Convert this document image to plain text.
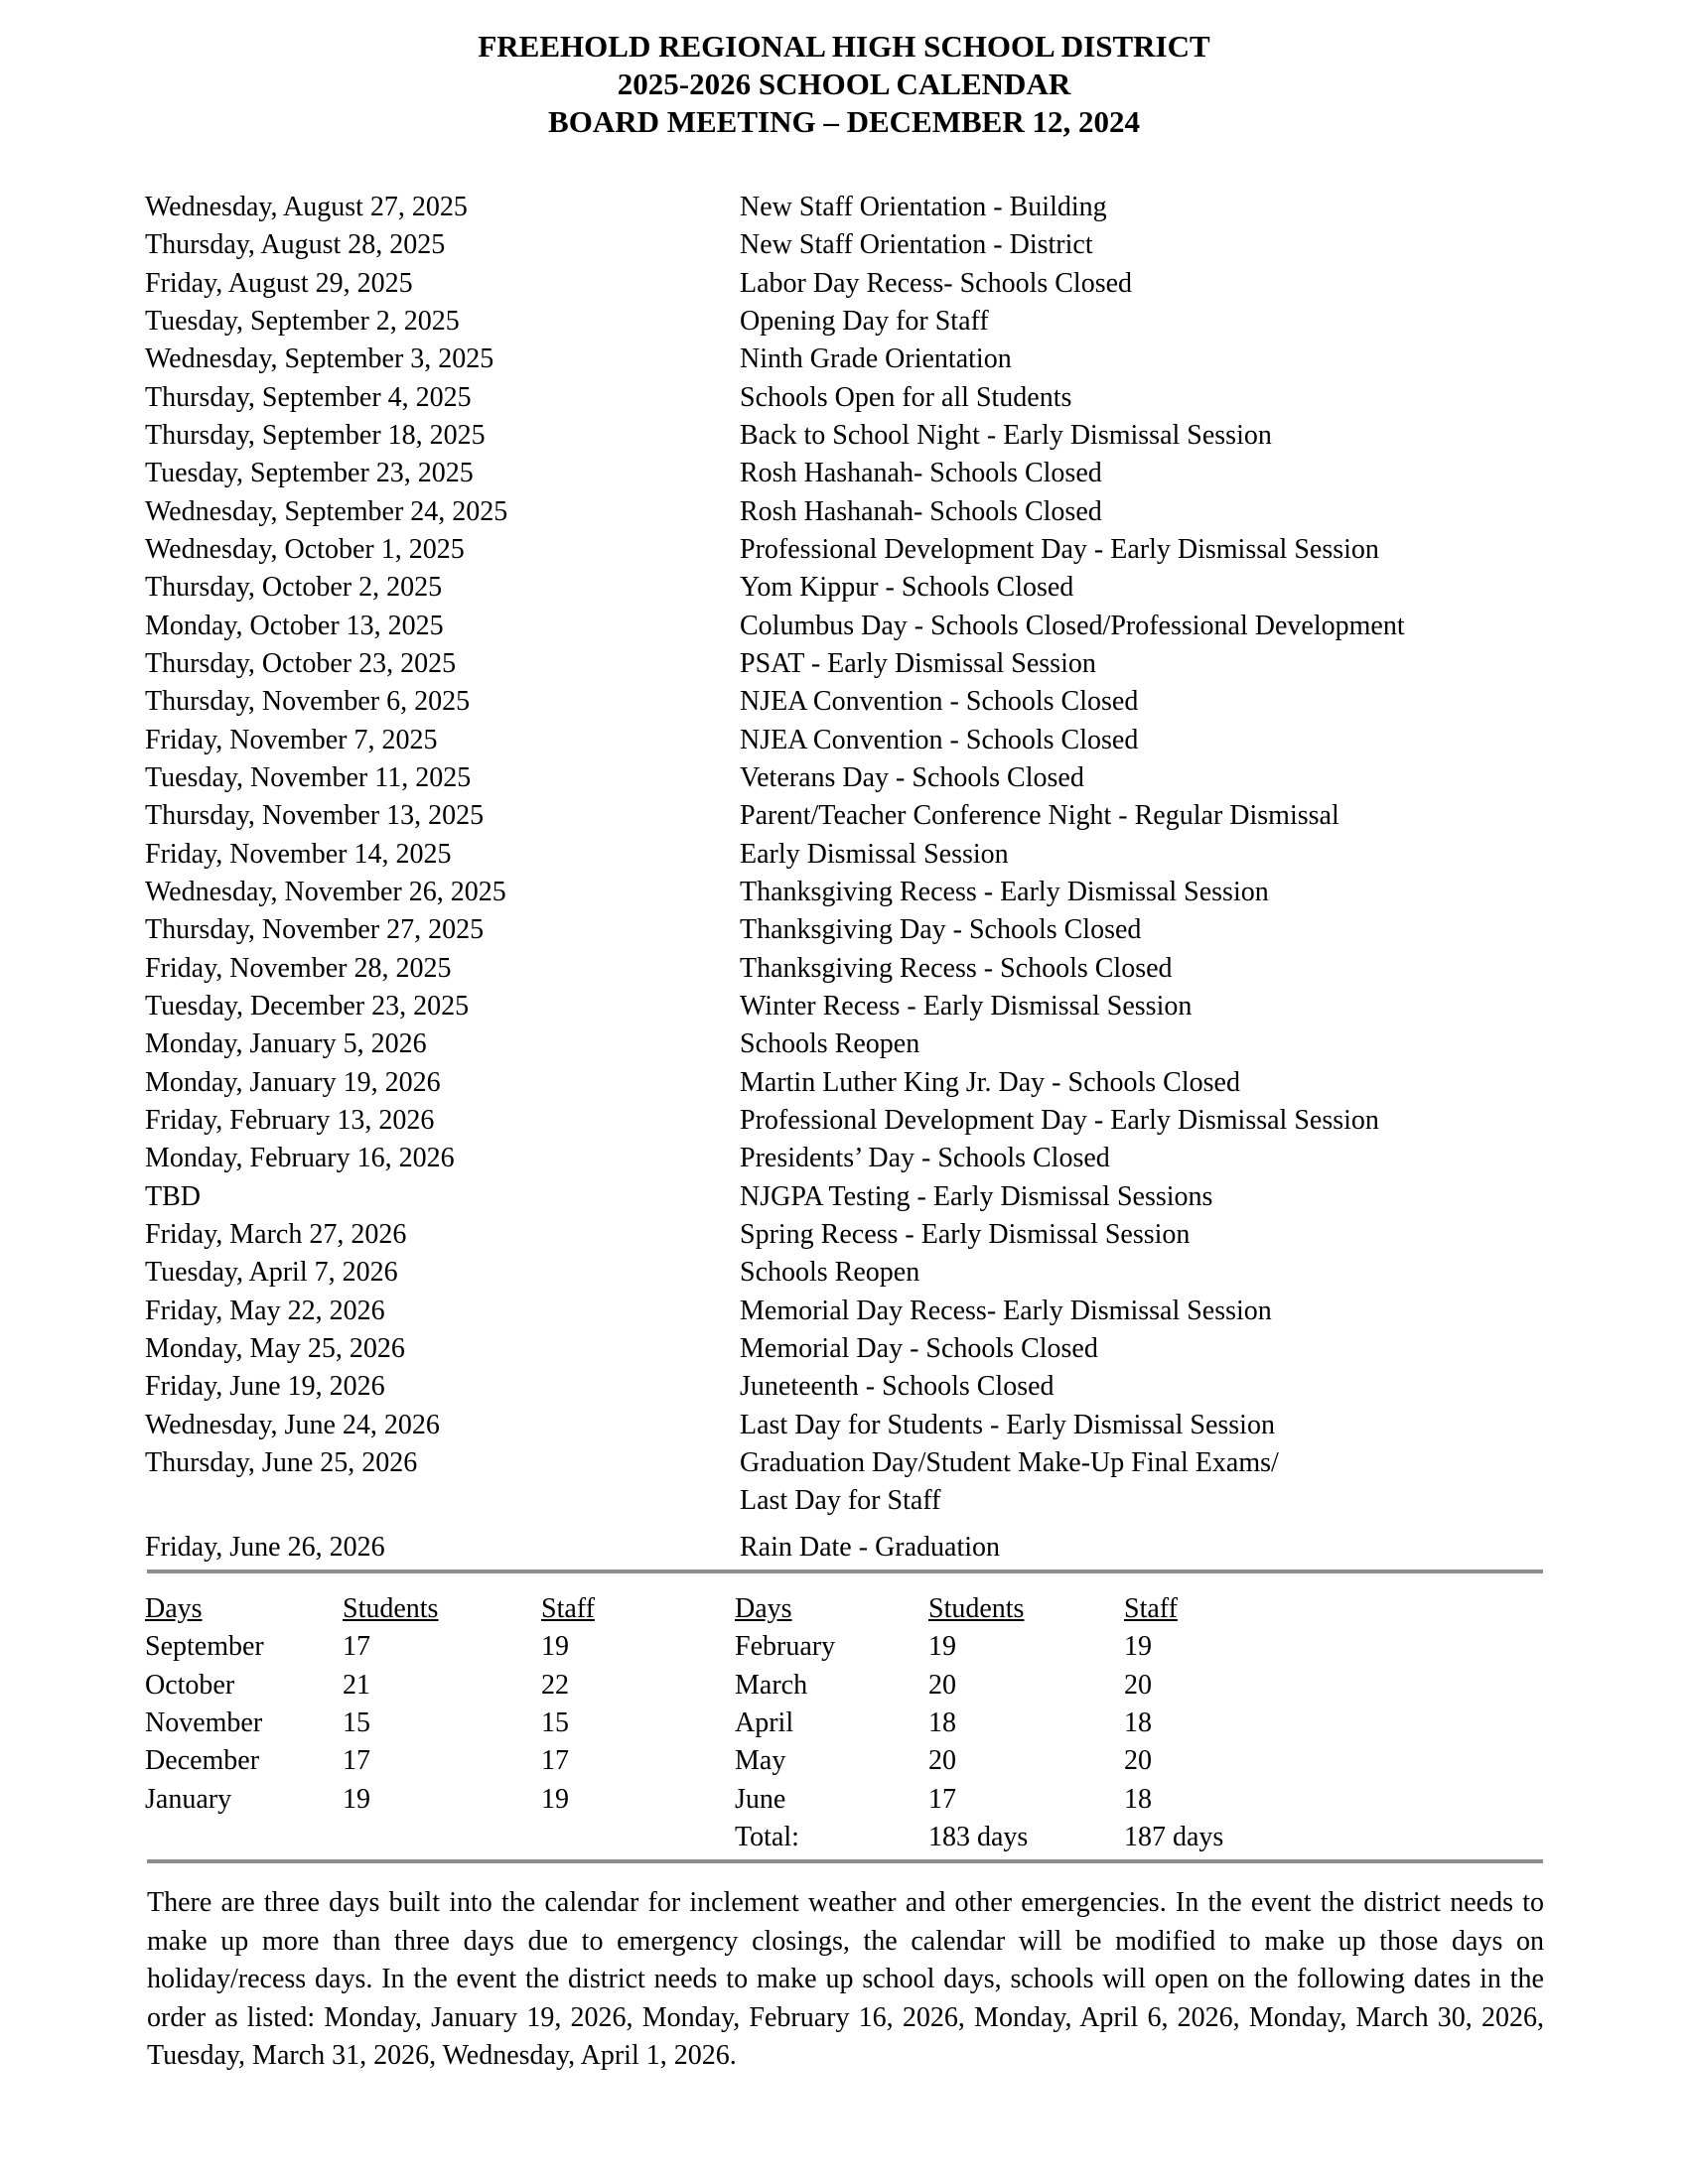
FREEHOLD REGIONAL HIGH SCHOOL DISTRICT
2025-2026 SCHOOL CALENDAR
BOARD MEETING – DECEMBER 12, 2024
Wednesday, August 27, 2025	New Staff Orientation - Building
Thursday, August 28, 2025	New Staff Orientation - District
Friday, August 29, 2025	Labor Day Recess- Schools Closed
Tuesday, September 2, 2025	Opening Day for Staff
Wednesday, September 3, 2025	Ninth Grade Orientation
Thursday, September 4, 2025	Schools Open for all Students
Thursday, September 18, 2025	Back to School Night - Early Dismissal Session
Tuesday, September 23, 2025	Rosh Hashanah- Schools Closed
Wednesday, September 24, 2025	Rosh Hashanah- Schools Closed
Wednesday, October 1, 2025	Professional Development Day - Early Dismissal Session
Thursday, October 2, 2025	Yom Kippur - Schools Closed
Monday, October 13, 2025	Columbus Day - Schools Closed/Professional Development
Thursday, October 23, 2025	PSAT - Early Dismissal Session
Thursday, November 6, 2025	NJEA Convention - Schools Closed
Friday, November 7, 2025	NJEA Convention - Schools Closed
Tuesday, November 11, 2025	Veterans Day - Schools Closed
Thursday, November 13, 2025	Parent/Teacher Conference Night - Regular Dismissal
Friday, November 14, 2025	Early Dismissal Session
Wednesday, November 26, 2025	Thanksgiving Recess - Early Dismissal Session
Thursday, November 27, 2025	Thanksgiving Day - Schools Closed
Friday, November 28, 2025	Thanksgiving Recess - Schools Closed
Tuesday, December 23, 2025	Winter Recess - Early Dismissal Session
Monday, January 5, 2026	Schools Reopen
Monday, January 19, 2026	Martin Luther King Jr. Day - Schools Closed
Friday, February 13, 2026	Professional Development Day - Early Dismissal Session
Monday, February 16, 2026	Presidents’ Day - Schools Closed
TBD	NJGPA Testing - Early Dismissal Sessions
Friday, March 27, 2026	Spring Recess - Early Dismissal Session
Tuesday, April 7, 2026	Schools Reopen
Friday, May 22, 2026	Memorial Day Recess- Early Dismissal Session
Monday, May 25, 2026	Memorial Day - Schools Closed
Friday, June 19, 2026	Juneteenth - Schools Closed
Wednesday, June 24, 2026	Last Day for Students - Early Dismissal Session
Thursday, June 25, 2026	Graduation Day/Student Make-Up Final Exams/
Last Day for Staff
Friday, June 26, 2026	Rain Date - Graduation
Days	Students	Staff
September	17	19
October	21	22
November	15	15
December	17	17
January	19	19
Days	Students	Staff
February	19	19
March	20	20
April	18	18
May	20	20
June	17	18
Total:	183 days	187 days
There are three days built into the calendar for inclement weather and other emergencies. In the event the district needs to make up more than three days due to emergency closings, the calendar will be modified to make up those days on holiday/recess days. In the event the district needs to make up school days, schools will open on the following dates in the order as listed: Monday, January 19, 2026, Monday, February 16, 2026, Monday, April 6, 2026, Monday, March 30, 2026, Tuesday, March 31, 2026, Wednesday, April 1, 2026.
